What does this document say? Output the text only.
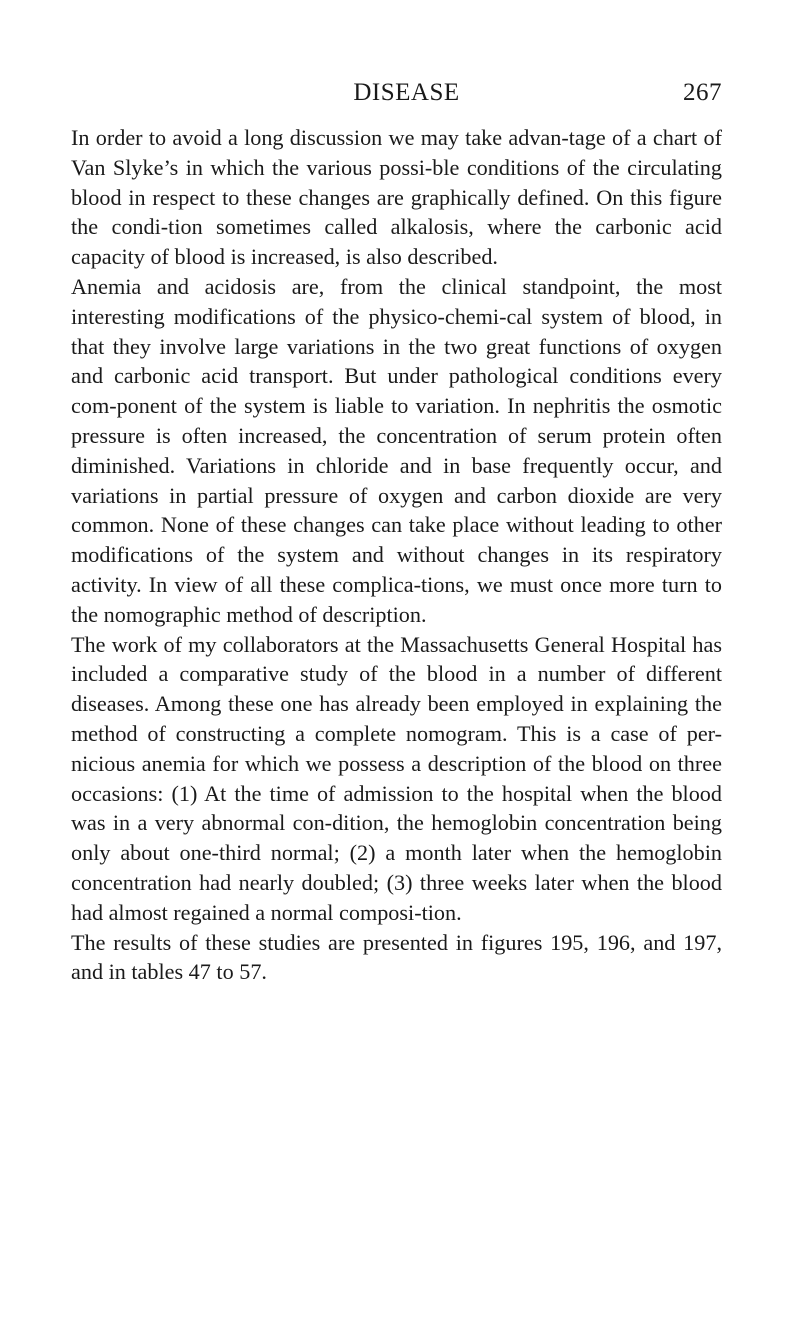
DISEASE	267

In order to avoid a long discussion we may take advan-tage of a chart of Van Slyke’s in which the various possi-ble conditions of the circulating blood in respect to these changes are graphically defined. On this figure the condi-tion sometimes called alkalosis, where the carbonic acid capacity of blood is increased, is also described.

Anemia and acidosis are, from the clinical standpoint, the most interesting modifications of the physico-chemi-cal system of blood, in that they involve large variations in the two great functions of oxygen and carbonic acid transport. But under pathological conditions every com-ponent of the system is liable to variation. In nephritis the osmotic pressure is often increased, the concentration of serum protein often diminished. Variations in chloride and in base frequently occur, and variations in partial pressure of oxygen and carbon dioxide are very common. None of these changes can take place without leading to other modifications of the system and without changes in its respiratory activity. In view of all these complica-tions, we must once more turn to the nomographic method of description.

The work of my collaborators at the Massachusetts General Hospital has included a comparative study of the blood in a number of different diseases. Among these one has already been employed in explaining the method of constructing a complete nomogram. This is a case of per-nicious anemia for which we possess a description of the blood on three occasions: (1) At the time of admission to the hospital when the blood was in a very abnormal con-dition, the hemoglobin concentration being only about one-third normal; (2) a month later when the hemoglobin concentration had nearly doubled; (3) three weeks later when the blood had almost regained a normal composi-tion.

The results of these studies are presented in figures 195, 196, and 197, and in tables 47 to 57.
